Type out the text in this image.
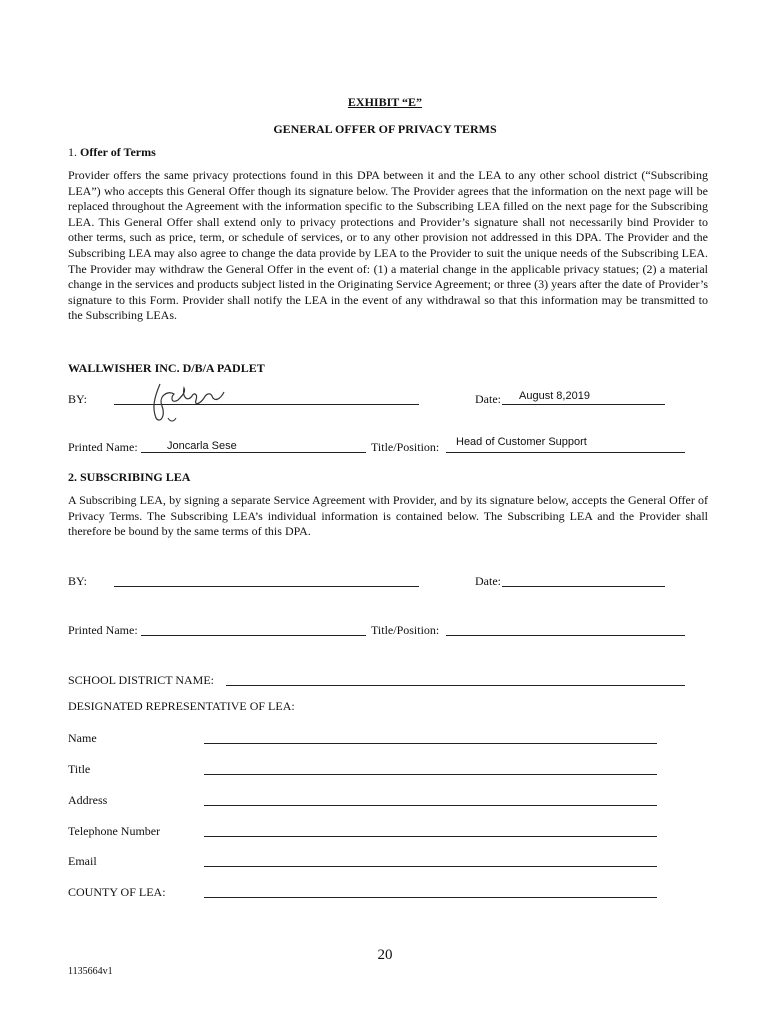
EXHIBIT “E”
GENERAL OFFER OF PRIVACY TERMS
1. Offer of Terms
Provider offers the same privacy protections found in this DPA between it and the LEA to any other school district (“Subscribing LEA”) who accepts this General Offer though its signature below. The Provider agrees that the information on the next page will be replaced throughout the Agreement with the information specific to the Subscribing LEA filled on the next page for the Subscribing LEA. This General Offer shall extend only to privacy protections and Provider’s signature shall not necessarily bind Provider to other terms, such as price, term, or schedule of services, or to any other provision not addressed in this DPA. The Provider and the Subscribing LEA may also agree to change the data provide by LEA to the Provider to suit the unique needs of the Subscribing LEA. The Provider may withdraw the General Offer in the event of: (1) a material change in the applicable privacy statues; (2) a material change in the services and products subject listed in the Originating Service Agreement; or three (3) years after the date of Provider’s signature to this Form. Provider shall notify the LEA in the event of any withdrawal so that this information may be transmitted to the Subscribing LEAs.
WALLWISHER INC. D/B/A PADLET
BY:	Date: August 8,2019
Printed Name:	Joncarla Sese	Title/Position: Head of Customer Support
2. SUBSCRIBING LEA
A Subscribing LEA, by signing a separate Service Agreement with Provider, and by its signature below, accepts the General Offer of Privacy Terms. The Subscribing LEA’s individual information is contained below. The Subscribing LEA and the Provider shall therefore be bound by the same terms of this DPA.
BY:	Date:
Printed Name:	Title/Position:
SCHOOL DISTRICT NAME:
DESIGNATED REPRESENTATIVE OF LEA:
Name
Title
Address
Telephone Number
Email
COUNTY OF LEA:
20
1135664v1
